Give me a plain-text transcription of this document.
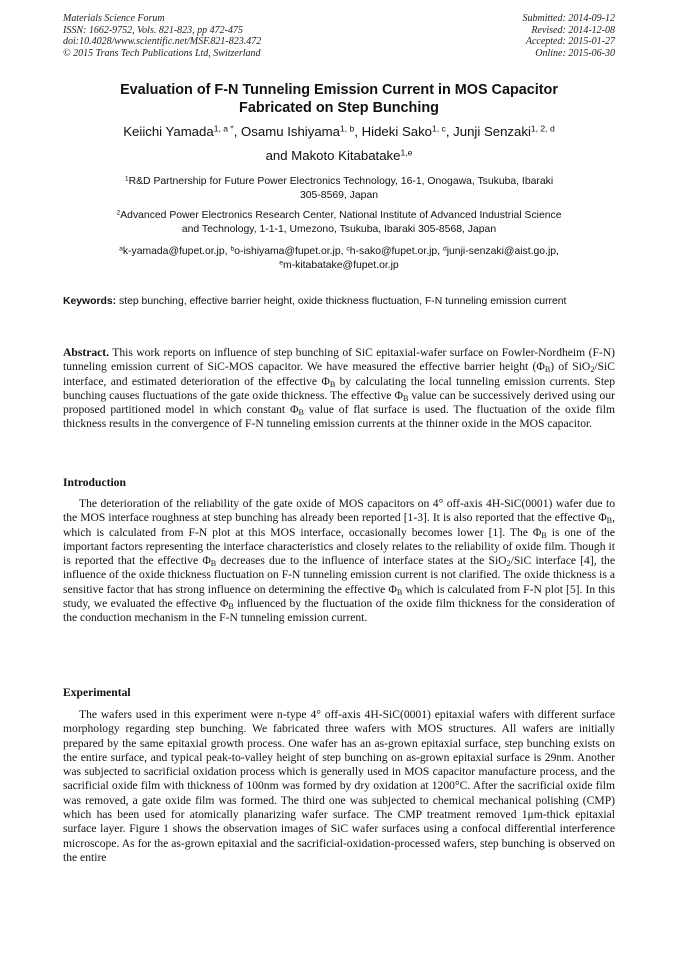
Materials Science Forum
ISSN: 1662-9752, Vols. 821-823, pp 472-475
doi:10.4028/www.scientific.net/MSF.821-823.472
© 2015 Trans Tech Publications Ltd, Switzerland
Submitted: 2014-09-12
Revised: 2014-12-08
Accepted: 2015-01-27
Online: 2015-06-30
Evaluation of F-N Tunneling Emission Current in MOS Capacitor
Fabricated on Step Bunching
Keiichi Yamada$^{1, a *}$, Osamu Ishiyama$^{1, b}$, Hideki Sako$^{1, c}$, Junji Senzaki$^{1, 2, d}$
and Makoto Kitabatake$^{1,e}$
$^1$R&D Partnership for Future Power Electronics Technology, 16-1, Onogawa, Tsukuba, Ibaraki
305-8569, Japan
$^2$Advanced Power Electronics Research Center, National Institute of Advanced Industrial Science
and Technology, 1-1-1, Umezono, Tsukuba, Ibaraki 305-8568, Japan
$^a$k-yamada@fupet.or.jp, $^b$o-ishiyama@fupet.or.jp, $^c$h-sako@fupet.or.jp, $^d$junji-senzaki@aist.go.jp,
$^e$m-kitabatake@fupet.or.jp
Keywords: step bunching, effective barrier height, oxide thickness fluctuation, F-N tunneling emission current
Abstract. This work reports on influence of step bunching of SiC epitaxial-wafer surface on Fowler-Nordheim (F-N) tunneling emission current of SiC-MOS capacitor. We have measured the effective barrier height $(\Phi_B)$ of SiO$_2$/SiC interface, and estimated deterioration of the effective $\Phi_B$ by calculating the local tunneling emission currents. Step bunching causes fluctuations of the gate oxide thickness. The effective $\Phi_B$ value can be successively derived using our proposed partitioned model in which constant $\Phi_B$ value of flat surface is used. The fluctuation of the oxide film thickness results in the convergence of F-N tunneling emission currents at the thinner oxide in the MOS capacitor.
Introduction
The deterioration of the reliability of the gate oxide of MOS capacitors on 4° off-axis 4H-SiC(0001) wafer due to the MOS interface roughness at step bunching has already been reported [1-3]. It is also reported that the effective $\Phi_B$, which is calculated from F-N plot at this MOS interface, occasionally becomes lower [1]. The $\Phi_B$ is one of the important factors representing the interface characteristics and closely relates to the reliability of oxide film. Though it is reported that the effective $\Phi_B$ decreases due to the influence of interface states at the SiO$_2$/SiC interface [4], the influence of the oxide thickness fluctuation on F-N tunneling emission current is not clarified. The oxide thickness is a sensitive factor that has strong influence on determining the effective $\Phi_B$ which is calculated from F-N plot [5]. In this study, we evaluated the effective $\Phi_B$ influenced by the fluctuation of the oxide film thickness for the consideration of the conduction mechanism in the F-N tunneling emission current.
Experimental
The wafers used in this experiment were n-type 4° off-axis 4H-SiC(0001) epitaxial wafers with different surface morphology regarding step bunching. We fabricated three wafers with MOS structures. All wafers are initially prepared by the same epitaxial growth process. One wafer has an as-grown epitaxial surface, step bunching exists on the entire surface, and typical peak-to-valley height of step bunching on as-grown epitaxial surface is 29nm. Another was subjected to sacrificial oxidation process which is generally used in MOS capacitor manufacture process, and the sacrificial oxide film with thickness of 100nm was formed by dry oxidation at 1200°C. After the sacrificial oxide film was removed, a gate oxide film was formed. The third one was subjected to chemical mechanical polishing (CMP) which has been used for atomically planarizing wafer surface. The CMP treatment removed 1μm-thick epitaxial surface layer. Figure 1 shows the observation images of SiC wafer surfaces using a confocal differential interference microscope. As for the as-grown epitaxial and the sacrificial-oxidation-processed wafers, step bunching is observed on the entire
